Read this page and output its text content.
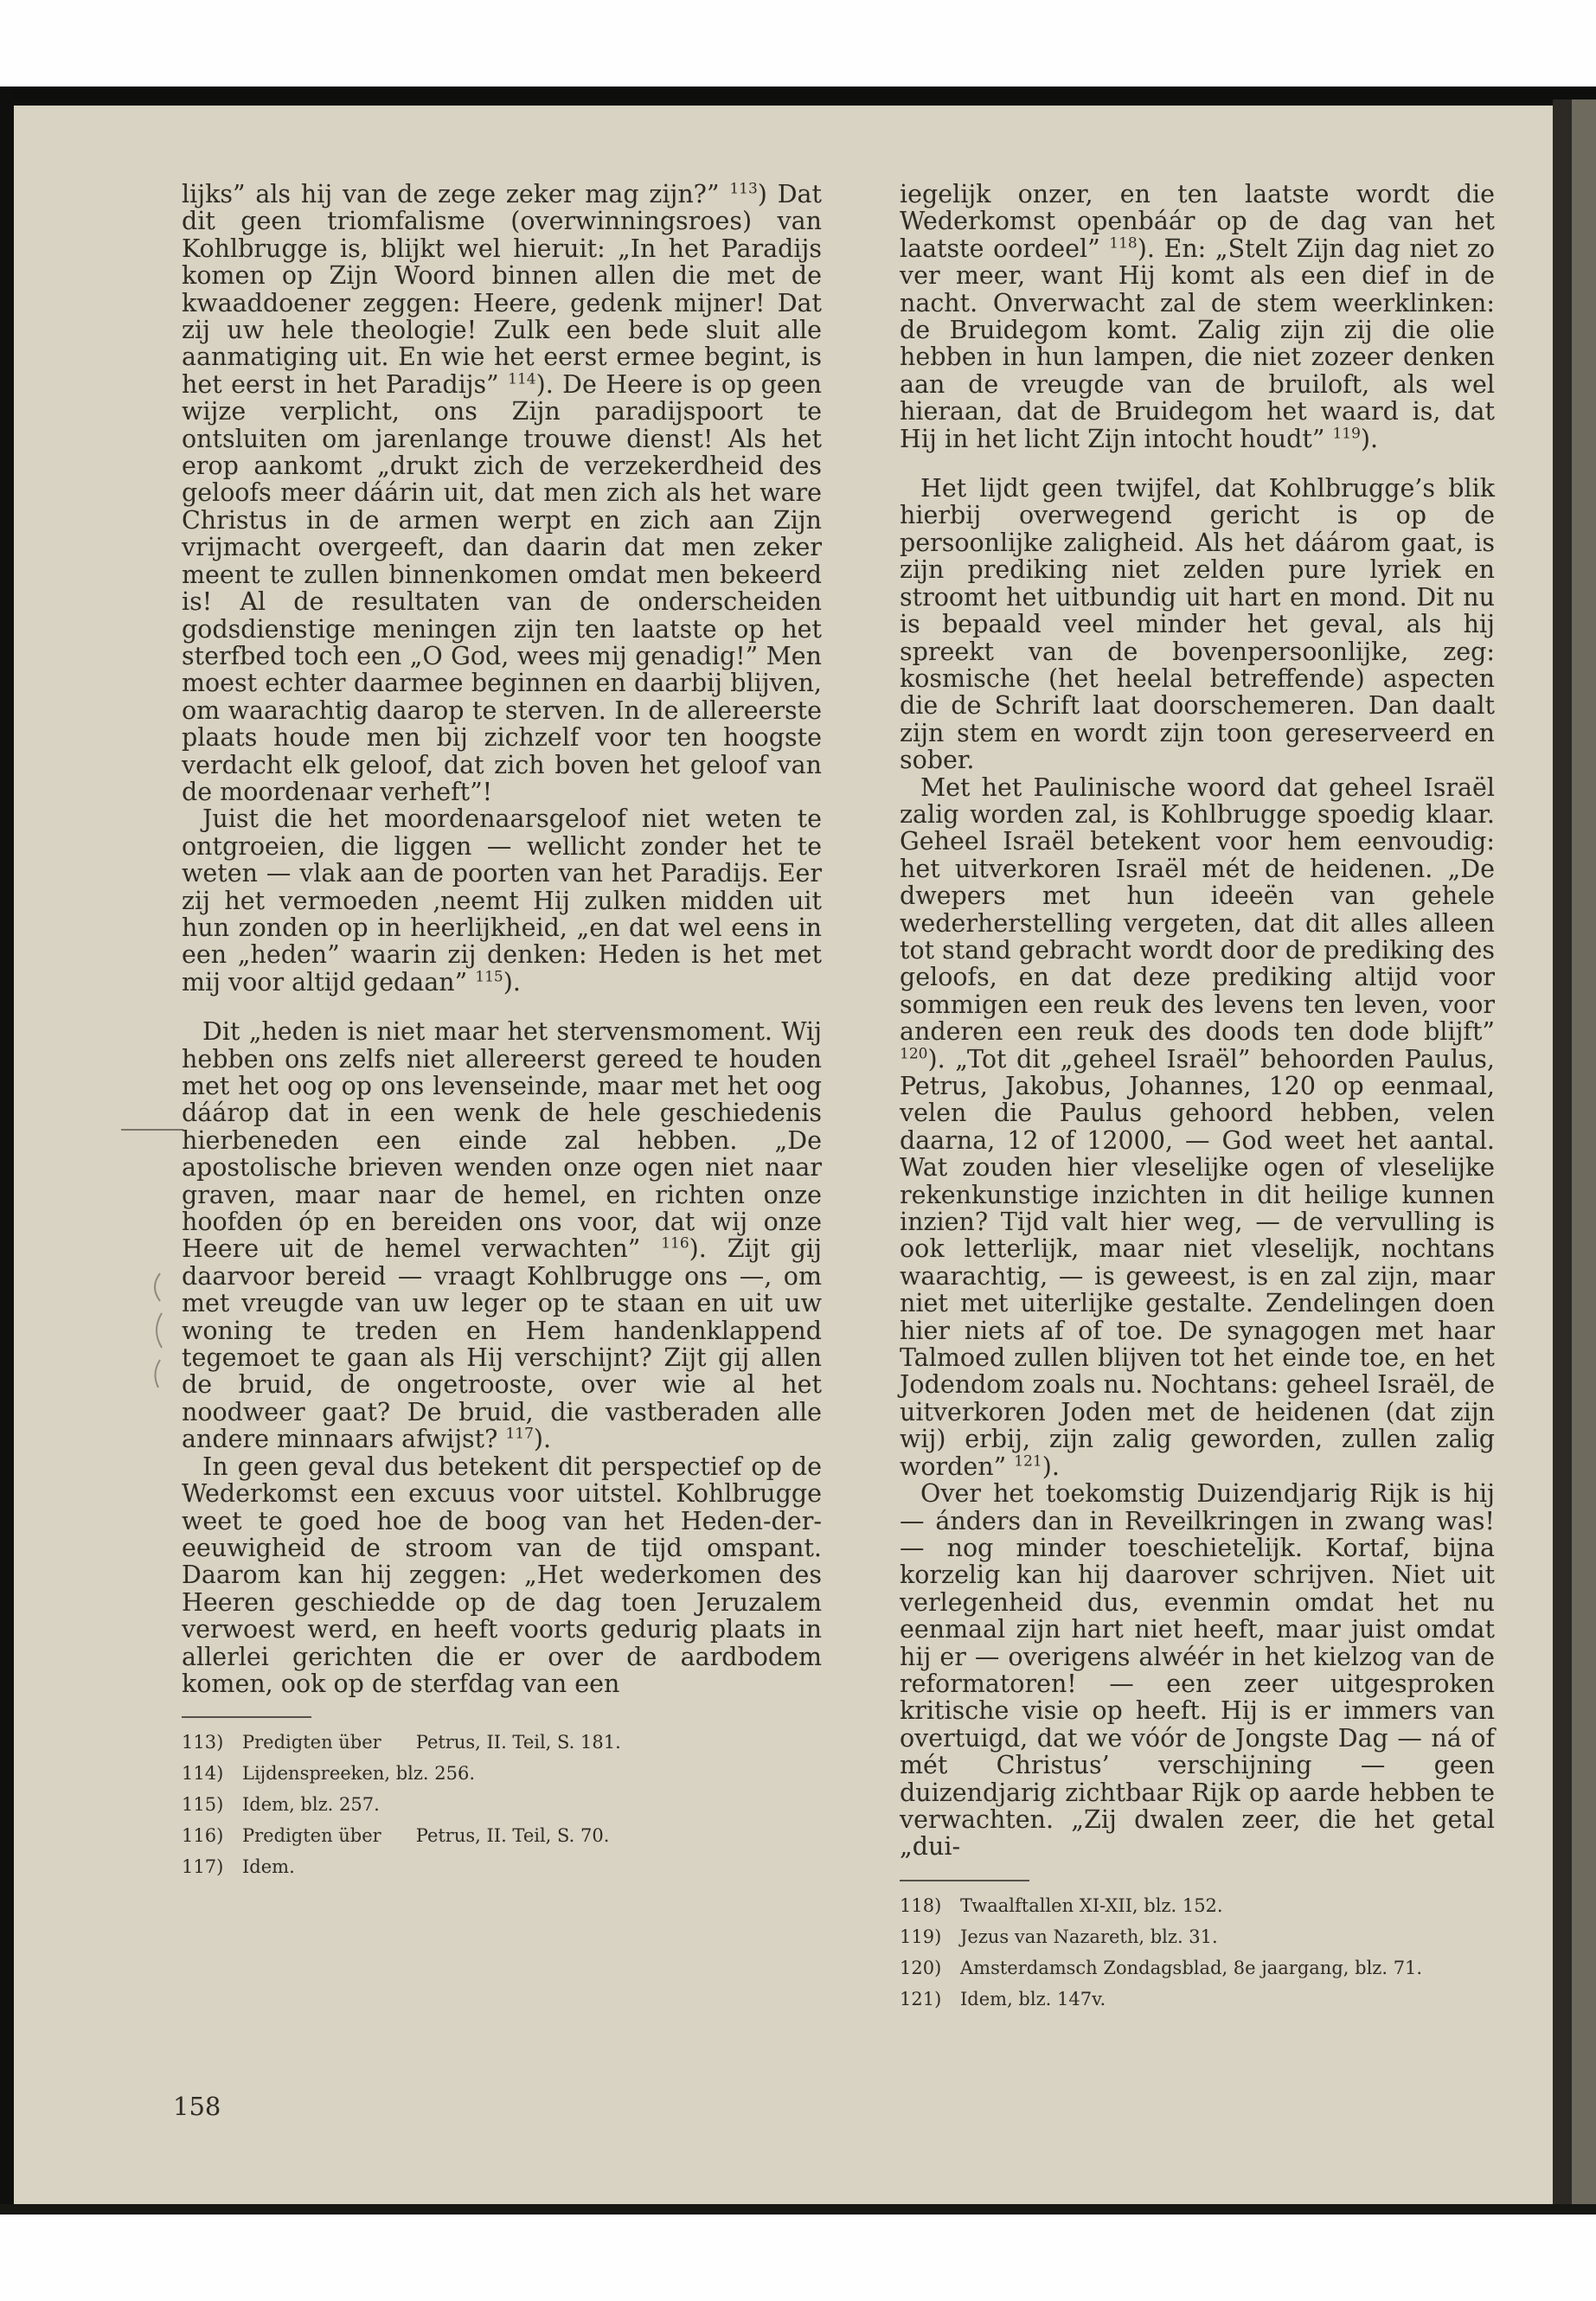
lijks” als hij van de zege zeker mag zijn?” $^{113}$) Dat dit geen triomfalisme (overwinningsroes) van Kohlbrugge is, blijkt wel hieruit: „In het Paradijs komen op Zijn Woord binnen allen die met de kwaaddoener zeggen: Heere, gedenk mijner! Dat zij uw hele theologie! Zulk een bede sluit alle aanmatiging uit. En wie het eerst ermee begint, is het eerst in het Paradijs” $^{114}$). De Heere is op geen wijze verplicht, ons Zijn paradijspoort te ontsluiten om jarenlange trouwe dienst! Als het erop aankomt „drukt zich de verzekerdheid des geloofs meer dáárin uit, dat men zich als het ware Christus in de armen werpt en zich aan Zijn vrijmacht overgeeft, dan daarin dat men zeker meent te zullen binnenkomen omdat men bekeerd is! Al de resultaten van de onderscheiden godsdienstige meningen zijn ten laatste op het sterfbed toch een „O God, wees mij genadig!” Men moest echter daarmee beginnen en daarbij blijven, om waarachtig daarop te sterven. In de allereerste plaats houde men bij zichzelf voor ten hoogste verdacht elk geloof, dat zich boven het geloof van de moordenaar verheft”!

Juist die het moordenaarsgeloof niet weten te ontgroeien, die liggen — wellicht zonder het te weten — vlak aan de poorten van het Paradijs. Eer zij het vermoeden ‚neemt Hij zulken midden uit hun zonden op in heerlijkheid, „en dat wel eens in een „heden” waarin zij denken: Heden is het met mij voor altijd gedaan” $^{115}$).

Dit „heden is niet maar het stervensmoment. Wij hebben ons zelfs niet allereerst gereed te houden met het oog op ons levenseinde, maar met het oog dáárop dat in een wenk de hele geschiedenis hierbeneden een einde zal hebben. „De apostolische brieven wenden onze ogen niet naar graven, maar naar de hemel, en richten onze hoofden óp en bereiden ons voor, dat wij onze Heere uit de hemel verwachten” $^{116}$). Zijt gij daarvoor bereid — vraagt Kohlbrugge ons —, om met vreugde van uw leger op te staan en uit uw woning te treden en Hem handenklappend tegemoet te gaan als Hij verschijnt? Zijt gij allen de bruid, de ongetrooste, over wie al het noodweer gaat? De bruid, die vastberaden alle andere minnaars afwijst? $^{117}$).

In geen geval dus betekent dit perspectief op de Wederkomst een excuus voor uitstel. Kohlbrugge weet te goed hoe de boog van het Heden-der-eeuwigheid de stroom van de tijd omspant. Daarom kan hij zeggen: „Het wederkomen des Heeren geschiedde op de dag toen Jeruzalem verwoest werd, en heeft voorts gedurig plaats in allerlei gerichten die er over de aardbodem komen, ook op de sterfdag van een

113) Predigten über      Petrus, II. Teil, S. 181.

114) Lijdenspreeken, blz. 256.

115) Idem, blz. 257.

116) Predigten über      Petrus, II. Teil, S. 70.

117) Idem.

158

iegelijk onzer, en ten laatste wordt die Wederkomst openbáár op de dag van het laatste oordeel” $^{118}$). En: „Stelt Zijn dag niet zo ver meer, want Hij komt als een dief in de nacht. Onverwacht zal de stem weerklinken: de Bruidegom komt. Zalig zijn zij die olie hebben in hun lampen, die niet zozeer denken aan de vreugde van de bruiloft, als wel hieraan, dat de Bruidegom het waard is, dat Hij in het licht Zijn intocht houdt” $^{119}$).

Het lijdt geen twijfel, dat Kohlbrugge’s blik hierbij overwegend gericht is op de persoonlijke zaligheid. Als het dáárom gaat, is zijn prediking niet zelden pure lyriek en stroomt het uitbundig uit hart en mond. Dit nu is bepaald veel minder het geval, als hij spreekt van de bovenpersoonlijke, zeg: kosmische (het heelal betreffende) aspecten die de Schrift laat doorschemeren. Dan daalt zijn stem en wordt zijn toon gereserveerd en sober.

Met het Paulinische woord dat geheel Israël zalig worden zal, is Kohlbrugge spoedig klaar. Geheel Israël betekent voor hem eenvoudig: het uitverkoren Israël mét de heidenen. „De dwepers met hun ideeën van gehele wederherstelling vergeten, dat dit alles alleen tot stand gebracht wordt door de prediking des geloofs, en dat deze prediking altijd voor sommigen een reuk des levens ten leven, voor anderen een reuk des doods ten dode blijft” $^{120}$). „Tot dit „geheel Israël” behoorden Paulus, Petrus, Jakobus, Johannes, 120 op eenmaal, velen die Paulus gehoord hebben, velen daarna, 12 of 12000, — God weet het aantal. Wat zouden hier vleselijke ogen of vleselijke rekenkunstige inzichten in dit heilige kunnen inzien? Tijd valt hier weg, — de vervulling is ook letterlijk, maar niet vleselijk, nochtans waarachtig, — is geweest, is en zal zijn, maar niet met uiterlijke gestalte. Zendelingen doen hier niets af of toe. De synagogen met haar Talmoed zullen blijven tot het einde toe, en het Jodendom zoals nu. Nochtans: geheel Israël, de uitverkoren Joden met de heidenen (dat zijn wij) erbij, zijn zalig geworden, zullen zalig worden” $^{121}$).

Over het toekomstig Duizendjarig Rijk is hij — ánders dan in Reveilkringen in zwang was! — nog minder toeschietelijk. Kortaf, bijna korzelig kan hij daarover schrijven. Niet uit verlegenheid dus, evenmin omdat het nu eenmaal zijn hart niet heeft, maar juist omdat hij er — overigens alwéér in het kielzog van de reformatoren! — een zeer uitgesproken kritische visie op heeft. Hij is er immers van overtuigd, dat we vóór de Jongste Dag — ná of mét Christus’ verschijning — geen duizendjarig zichtbaar Rijk op aarde hebben te verwachten. „Zij dwalen zeer, die het getal „dui-

118) Twaalftallen XI-XII, blz. 152.

119) Jezus van Nazareth, blz. 31.

120) Amsterdamsch Zondagsblad, 8e jaargang, blz. 71.

121) Idem, blz. 147v.
